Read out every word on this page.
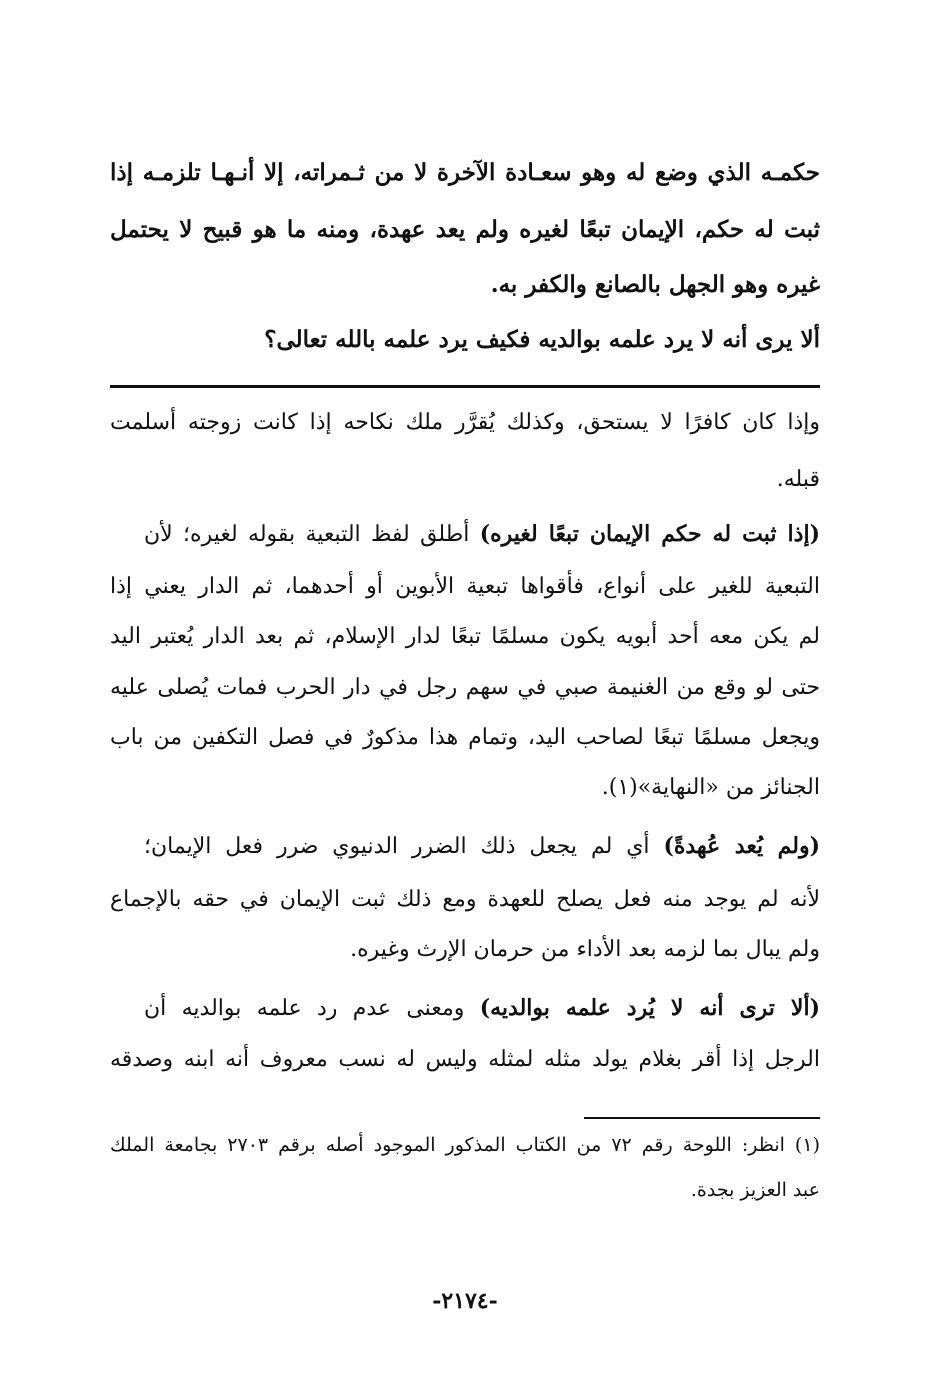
حكمـه الذي وضع له وهو سعـادة الآخرة لا من ثـمراته، إلا أنـهـا تلزمـه إذا
ثبت له حكم، الإيمان تبعًا لغيره ولم يعد عهدة، ومنه ما هو قبيح لا يحتمل
غيره وهو الجهل بالصانع والكفر به.
ألا يرى أنه لا يرد علمه بوالديه فكيف يرد علمه بالله تعالى؟
وإذا كان كافرًا لا يستحق، وكذلك يُقرَّر ملك نكاحه إذا كانت زوجته أسلمت
قبله.
(إذا ثبت له حكم الإيمان تبعًا لغيره) أطلق لفظ التبعية بقوله لغيره؛ لأن
التبعية للغير على أنواع، فأقواها تبعية الأبوين أو أحدهما، ثم الدار يعني إذا
لم يكن معه أحد أبويه يكون مسلمًا تبعًا لدار الإسلام، ثم بعد الدار يُعتبر اليد
حتى لو وقع من الغنيمة صبي في سهم رجل في دار الحرب فمات يُصلى عليه
ويجعل مسلمًا تبعًا لصاحب اليد، وتمام هذا مذكورٌ في فصل التكفين من باب
الجنائز من «النهاية»(١).
(ولم يُعد عُهدةً) أي لم يجعل ذلك الضرر الدنيوي ضرر فعل الإيمان؛
لأنه لم يوجد منه فعل يصلح للعهدة ومع ذلك ثبت الإيمان في حقه بالإجماع
ولم يبال بما لزمه بعد الأداء من حرمان الإرث وغيره.
(ألا ترى أنه لا يُرد علمه بوالديه) ومعنى عدم رد علمه بوالديه أن
الرجل إذا أقر بغلام يولد مثله لمثله وليس له نسب معروف أنه ابنه وصدقه
(١) انظر: اللوحة رقم ٧٢ من الكتاب المذكور الموجود أصله برقم ٢٧٠٣ بجامعة الملك
عبد العزيز بجدة.
-٢١٧٤-
